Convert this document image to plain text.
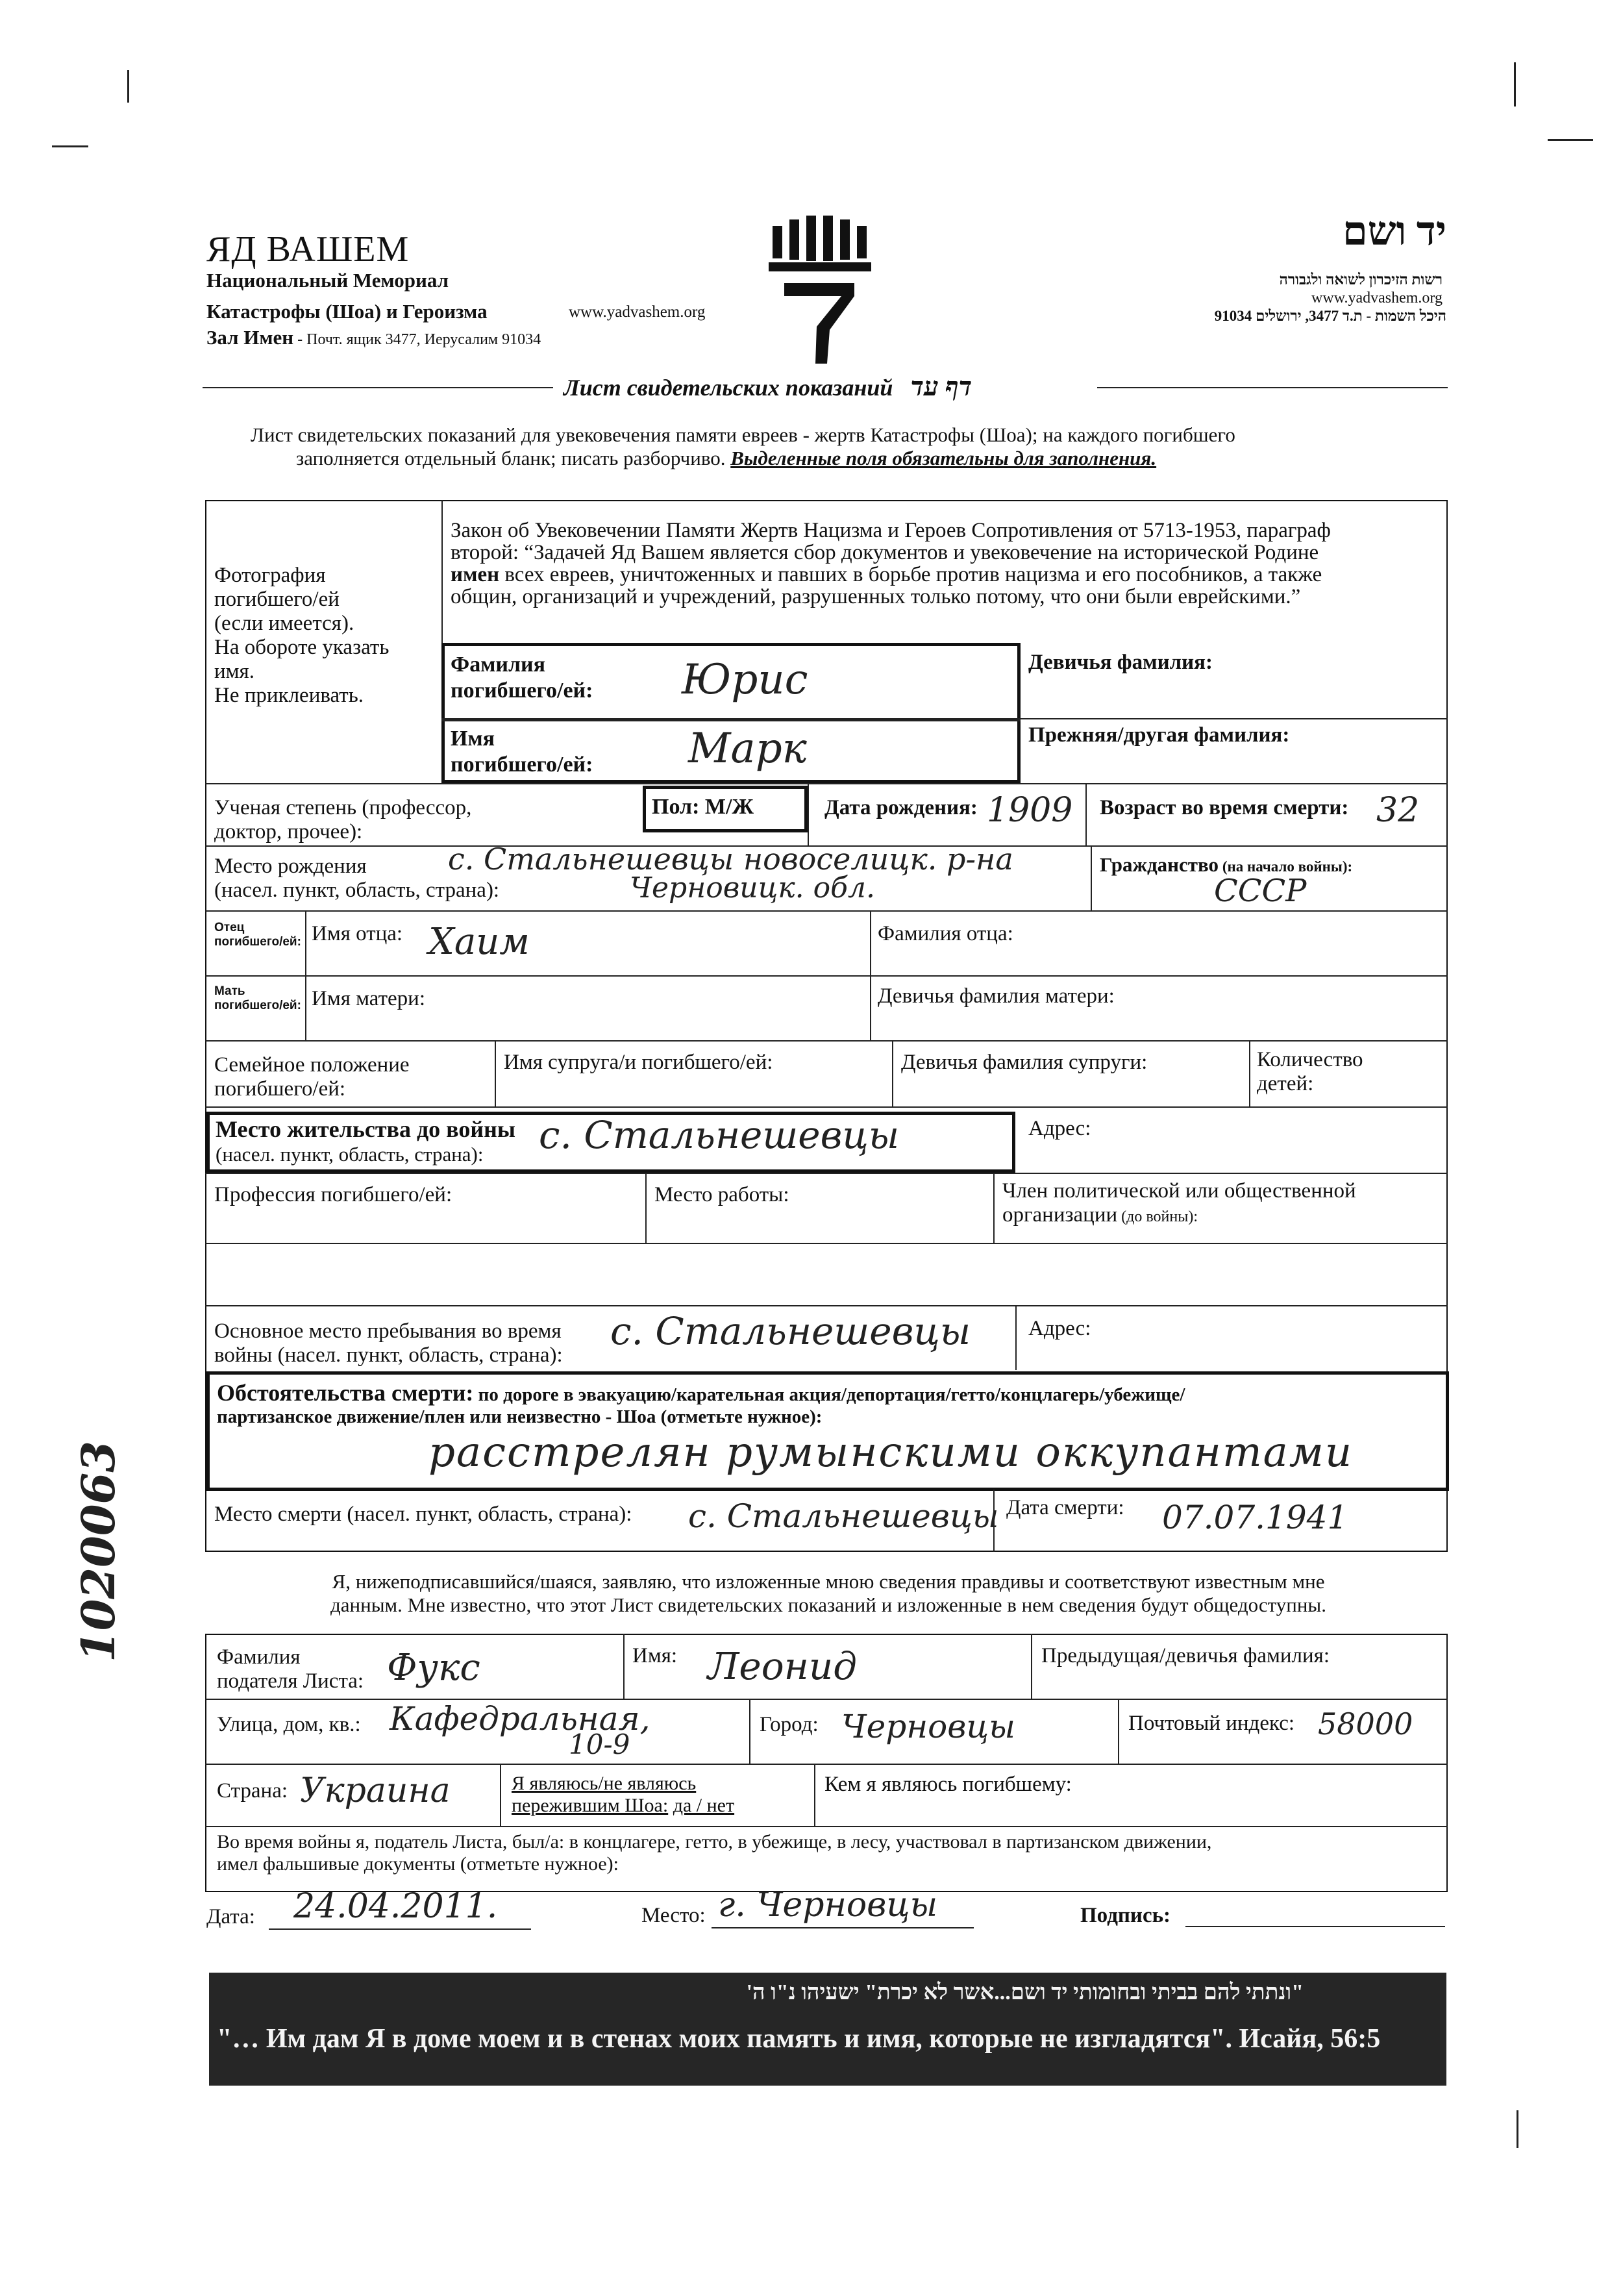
ЯД ВАШЕМ
Национальный Мемориал
Катастрофы (Шоа) и Героизма	www.yadvashem.org
Зал Имен - Почт. ящик 3477, Иерусалим 91034
יד ושם
רשות הזיכרון לשואה ולגבורה
www.yadvashem.org
היכל השמות - ת.ד 3477, ירושלים 91034
Лист свидетельских показаний דף עד
Лист свидетельских показаний для увековечения памяти евреев - жертв Катастрофы (Шоа); на каждого погибшего
заполняется отдельный бланк; писать разборчиво. Выделенные поля обязательны для заполнения.
Фотография
погибшего/ей
(если имеется).
На обороте указать
имя.
Не приклеивать.
Закон об Увековечении Памяти Жертв Нацизма и Героев Сопротивления от 5713-1953, параграф
второй: “Задачей Яд Вашем является сбор документов и увековечение на исторической Родине
имен всех евреев, уничтоженных и павших в борьбе против нацизма и его пособников, а также
общин, организаций и учреждений, разрушенных только потому, что они были еврейскими.”
Фамилия
погибшего/ей: Юрис	Девичья фамилия:
Имя
погибшего/ей: Марк	Прежняя/другая фамилия:
Ученая степень (профессор,
доктор, прочее):
Пол: М/Ж	Дата рождения: 1909 Возраст во время смерти: 32
Место рождения
(насел. пункт, область, страна):
с. Стальнешевцы новоселицк. р-на
Черновицк. обл.
Гражданство (на начало войны):
СССР
Отец погибшего/ей: Имя отца: Хаим	Фамилия отца:
Мать погибшего/ей: Имя матери:	Девичья фамилия матери:
Семейное положение
погибшего/ей:
Имя супруга/и погибшего/ей:	Девичья фамилия супруги:	Количество
детей:
Место жительства до войны
(насел. пункт, область, страна):	с. Стальнешевцы	Адрес:
Профессия погибшего/ей:	Место работы:	Член политической или общественной
организации (до войны):
Основное место пребывания во время
войны (насел. пункт, область, страна):
с. Стальнешевцы	Адрес:
Обстоятельства смерти: по дороге в эвакуацию/карательная акция/депортация/гетто/концлагерь/убежище/
партизанское движение/плен или неизвестно - Шоа (отметьте нужное):
расстрелян румынскими оккупантами
Место смерти (насел. пункт, область, страна): с. Стальнешевцы Дата смерти: 07.07.1941
Я, нижеподписавшийся/шаяся, заявляю, что изложенные мною сведения правдивы и соответствуют известным мне
данным. Мне известно, что этот Лист свидетельских показаний и изложенные в нем сведения будут общедоступны.
Фамилия
подателя Листа: Фукс	Имя: Леонид	Предыдущая/девичья фамилия:
Улица, дом, кв.: Кафедральная,
10-9
Город: Черновцы	Почтовый индекс: 58000
Страна: Украина	Я являюсь/не являюсь
пережившим Шоа: да / нет
Кем я являюсь погибшему:
Во время войны я, податель Листа, был/а: в концлагере, гетто, в убежище, в лесу, участвовал в партизанском движении,
имел фальшивые документы (отметьте нужное):
Дата: 24.04.2011.	Место: г. Черновцы	Подпись:
"ונתתי להם בביתי ובחומותי יד ושם...אשר לא יכרת" ישעיהו נ"ו ה'
"… Им дам Я в доме моем и в стенах моих память и имя, которые не изгладятся". Исайя, 56:5
1020063
